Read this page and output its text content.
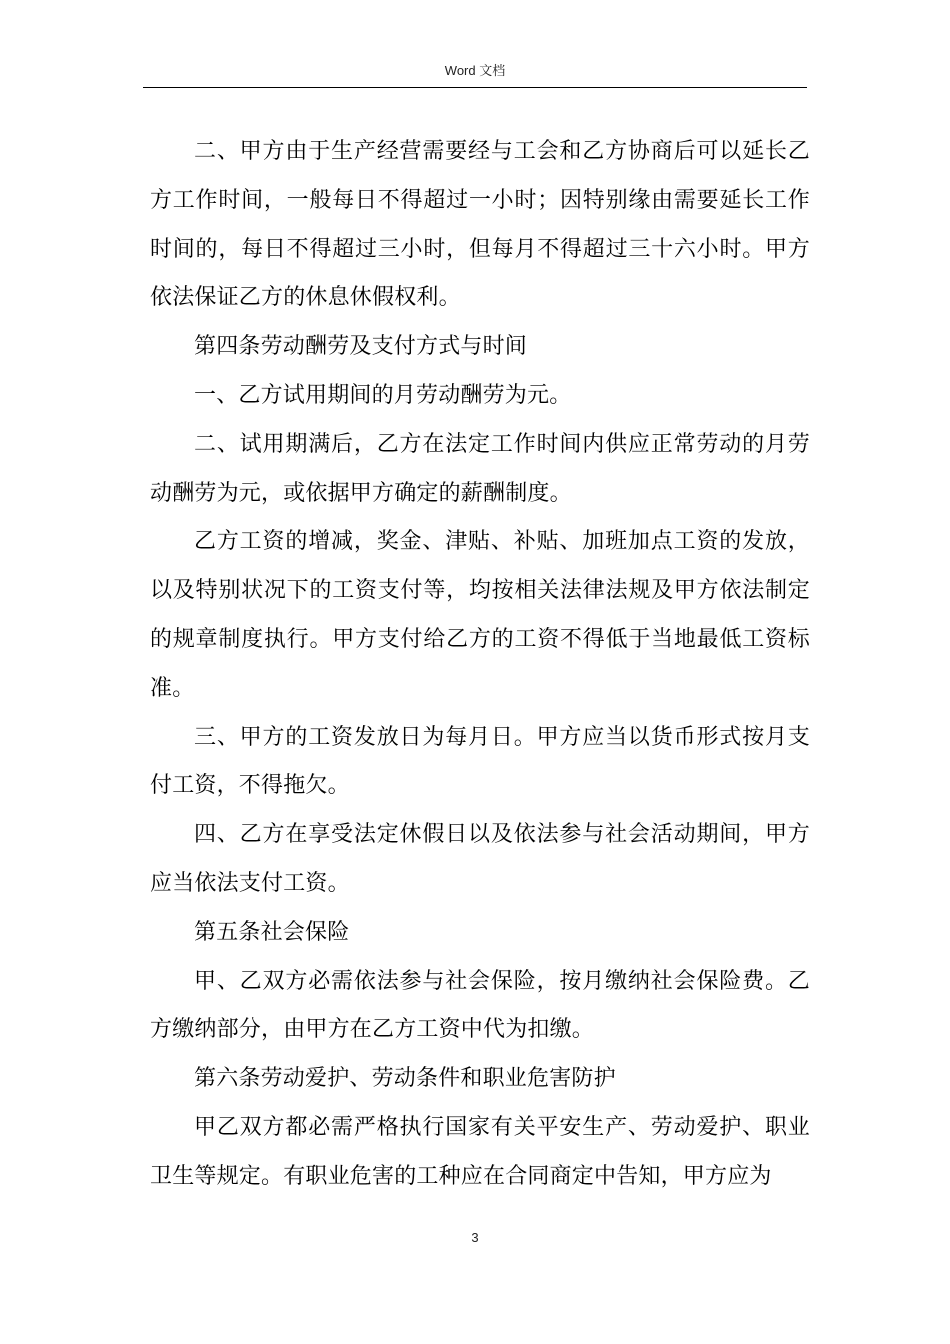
Word 文档

二、甲方由于生产经营需要经与工会和乙方协商后可以延长乙方工作时间，一般每日不得超过一小时；因特别缘由需要延长工作时间的，每日不得超过三小时，但每月不得超过三十六小时。甲方依法保证乙方的休息休假权利。

第四条劳动酬劳及支付方式与时间

一、乙方试用期间的月劳动酬劳为元。

二、试用期满后，乙方在法定工作时间内供应正常劳动的月劳动酬劳为元，或依据甲方确定的薪酬制度。

乙方工资的增减，奖金、津贴、补贴、加班加点工资的发放，以及特别状况下的工资支付等，均按相关法律法规及甲方依法制定的规章制度执行。甲方支付给乙方的工资不得低于当地最低工资标准。

三、甲方的工资发放日为每月日。甲方应当以货币形式按月支付工资，不得拖欠。

四、乙方在享受法定休假日以及依法参与社会活动期间，甲方应当依法支付工资。

第五条社会保险

甲、乙双方必需依法参与社会保险，按月缴纳社会保险费。乙方缴纳部分，由甲方在乙方工资中代为扣缴。

第六条劳动爱护、劳动条件和职业危害防护

甲乙双方都必需严格执行国家有关平安生产、劳动爱护、职业卫生等规定。有职业危害的工种应在合同商定中告知，甲方应为

3
